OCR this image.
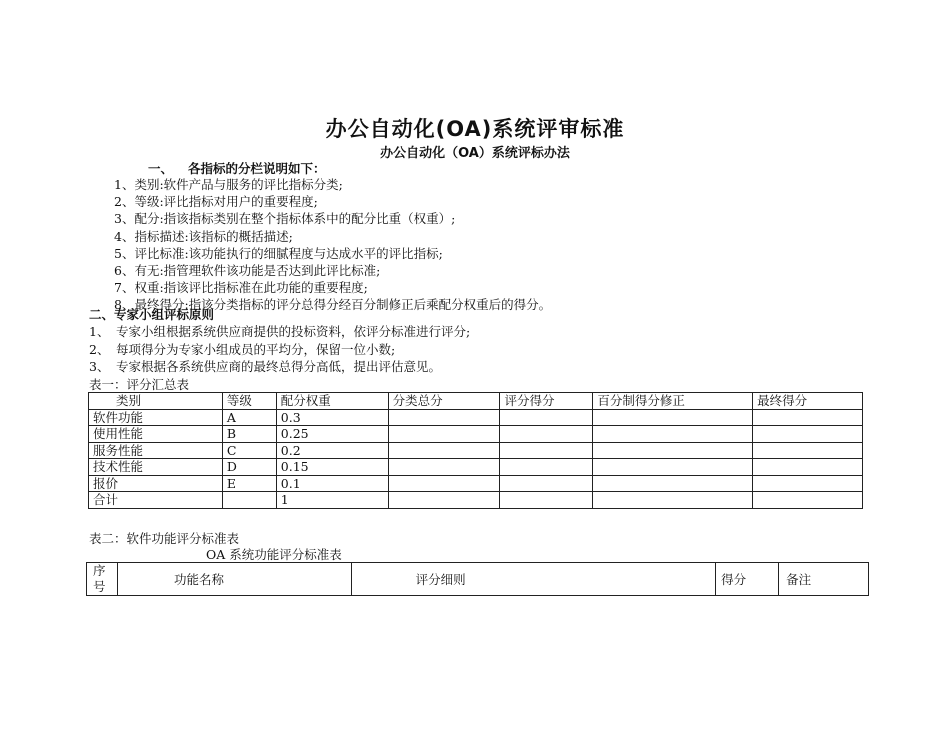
办公自动化(OA)系统评审标准
办公自动化（OA）系统评标办法
一、 各指标的分栏说明如下：
1、类别:软件产品与服务的评比指标分类;
2、等级:评比指标对用户的重要程度;
3、配分:指该指标类别在整个指标体系中的配分比重（权重）;
4、指标描述:该指标的概括描述;
5、评比标准:该功能执行的细腻程度与达成水平的评比指标;
6、有无:指管理软件该功能是否达到此评比标准;
7、权重:指该评比指标准在此功能的重要程度;
8、最终得分:指该分类指标的评分总得分经百分制修正后乘配分权重后的得分。
二、专家小组评标原则
1、 专家小组根据系统供应商提供的投标资料，依评分标准进行评分;
2、 每项得分为专家小组成员的平均分，保留一位小数;
3、 专家根据各系统供应商的最终总得分高低，提出评估意见。
表一：评分汇总表
类别	等级	配分权重	分类总分	评分得分	百分制得分修正	最终得分
软件功能	A	0.3				
使用性能	B	0.25				
服务性能	C	0.2				
技术性能	D	0.15				
报价	E	0.1				
合计		1				
表二：软件功能评分标准表
OA 系统功能评分标准表
序号	功能名称	评分细则	得分	备注
